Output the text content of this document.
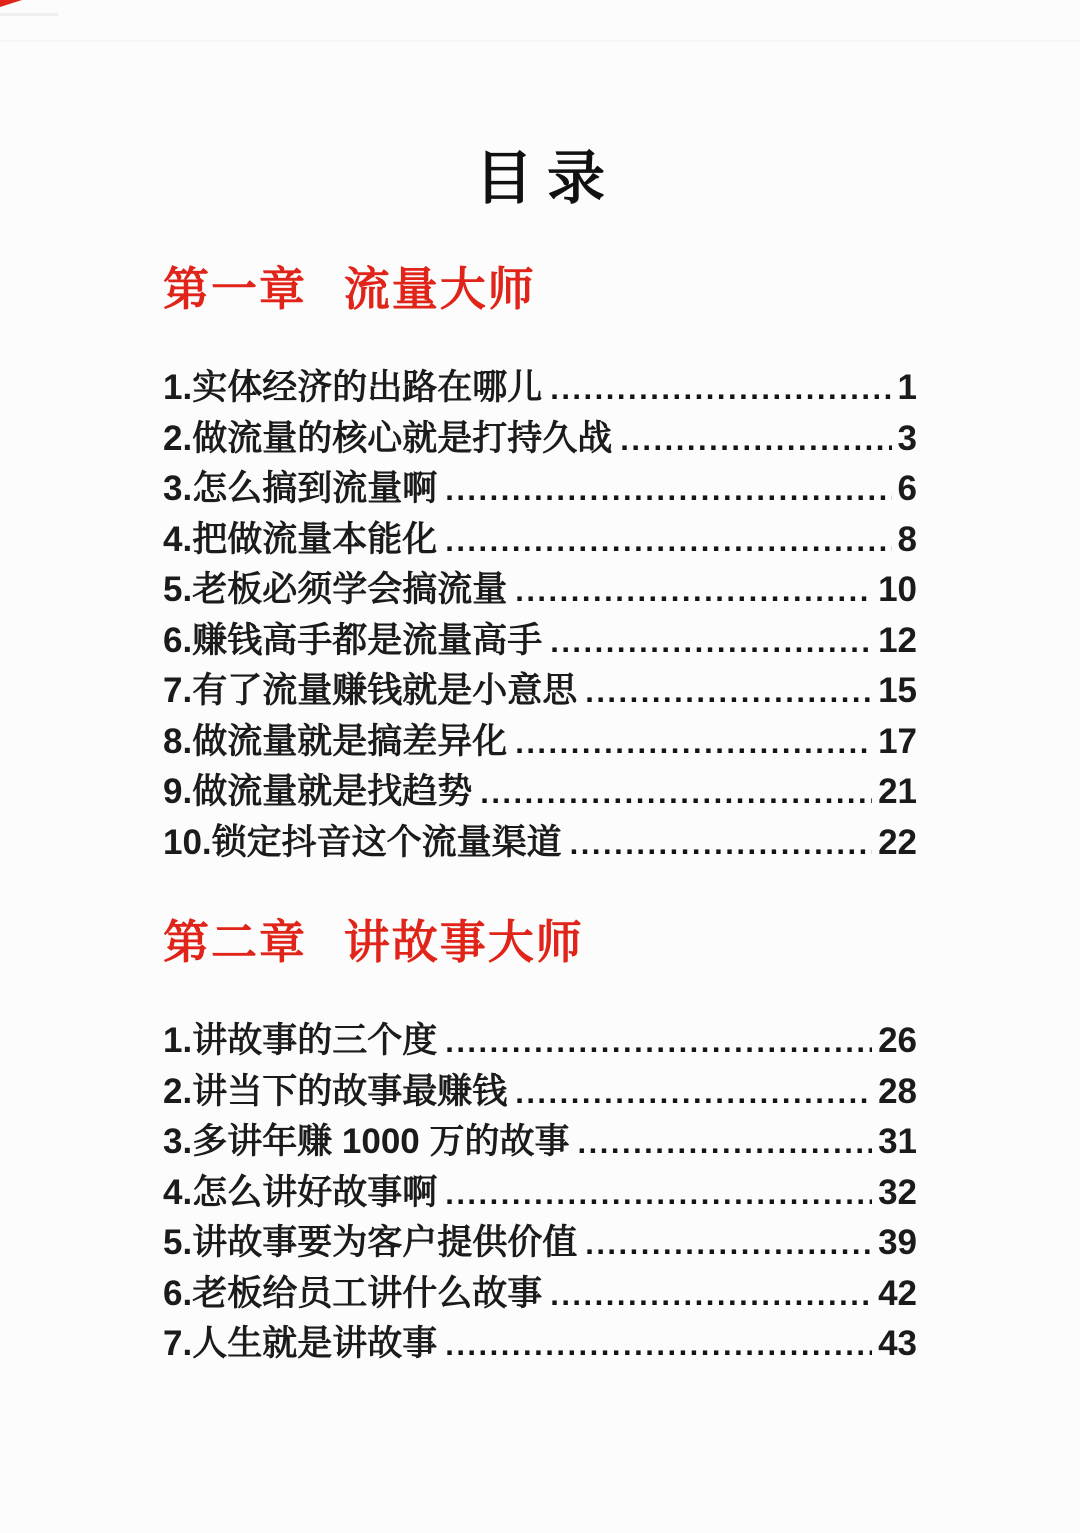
目录
第一章 流量大师
1.实体经济的出路在哪儿 .....	1
2.做流量的核心就是打持久战 .....	3
3.怎么搞到流量啊 .....	6
4.把做流量本能化 .....	8
5.老板必须学会搞流量 .....	10
6.赚钱高手都是流量高手 .....	12
7.有了流量赚钱就是小意思 .....	15
8.做流量就是搞差异化 .....	17
9.做流量就是找趋势 .....	21
10.锁定抖音这个流量渠道 .....	22
第二章 讲故事大师
1.讲故事的三个度 .....	26
2.讲当下的故事最赚钱 .....	28
3.多讲年赚 1000 万的故事 .....	31
4.怎么讲好故事啊 .....	32
5.讲故事要为客户提供价值 .....	39
6.老板给员工讲什么故事 .....	42
7.人生就是讲故事 .....	43
